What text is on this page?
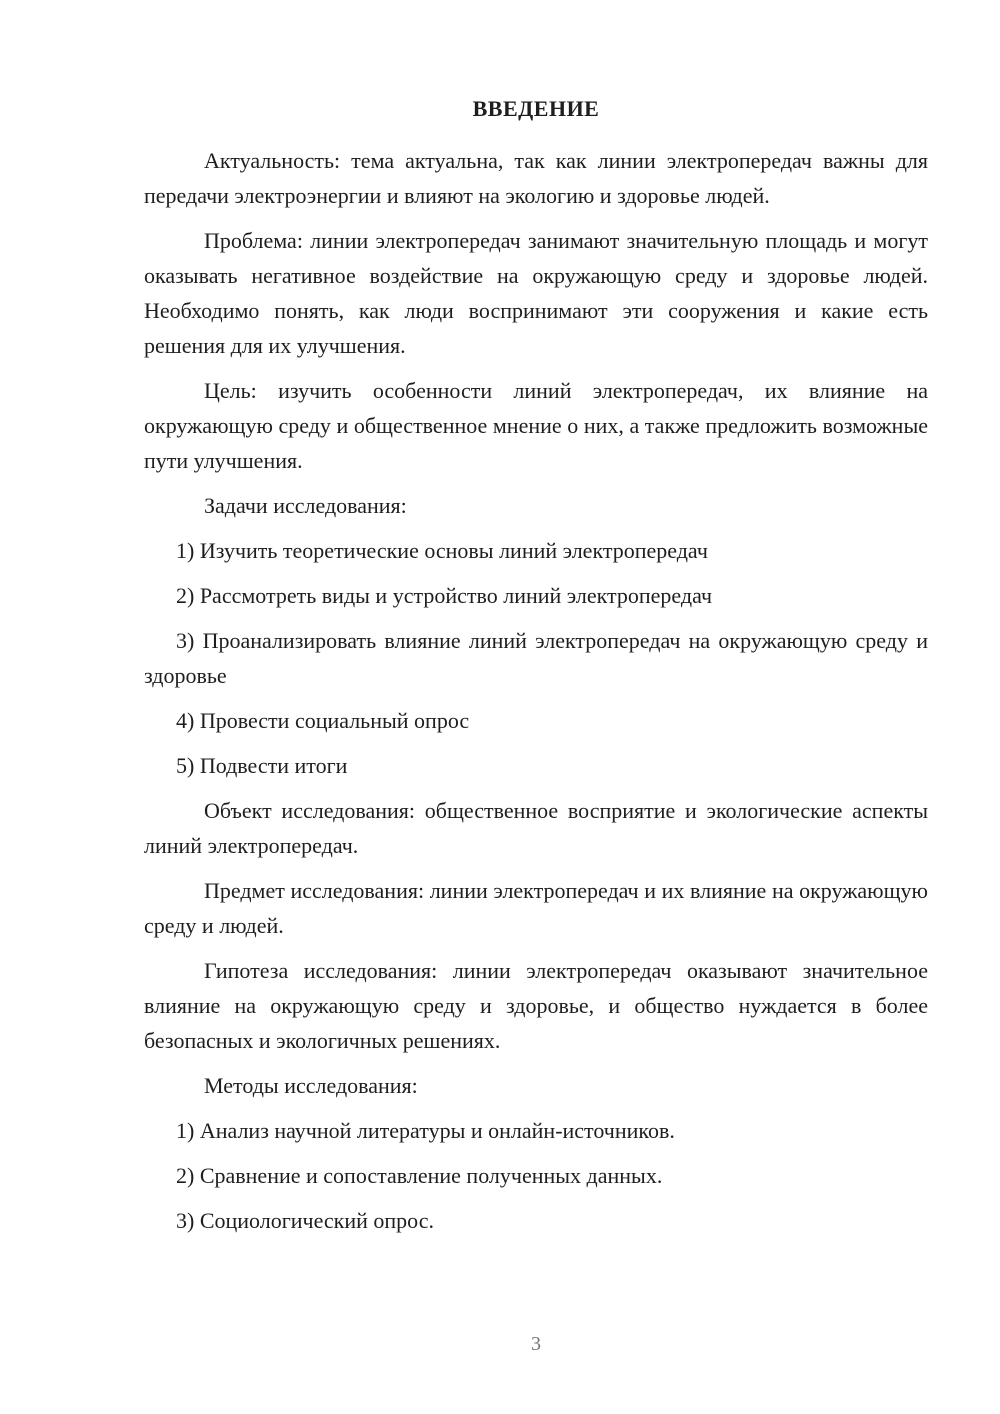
ВВЕДЕНИЕ

Актуальность: тема актуальна, так как линии электропередач важны для передачи электроэнергии и влияют на экологию и здоровье людей.

Проблема: линии электропередач занимают значительную площадь и могут оказывать негативное воздействие на окружающую среду и здоровье людей. Необходимо понять, как люди воспринимают эти сооружения и какие есть решения для их улучшения.

Цель: изучить особенности линий электропередач, их влияние на окружающую среду и общественное мнение о них, а также предложить возможные пути улучшения.

Задачи исследования:

1) Изучить теоретические основы линий электропередач

2) Рассмотреть виды и устройство линий электропередач

3) Проанализировать влияние линий электропередач на окружающую среду и здоровье

4) Провести социальный опрос

5) Подвести итоги

Объект исследования: общественное восприятие и экологические аспекты линий электропередач.

Предмет исследования: линии электропередач и их влияние на окружающую среду и людей.

Гипотеза исследования: линии электропередач оказывают значительное влияние на окружающую среду и здоровье, и общество нуждается в более безопасных и экологичных решениях.

Методы исследования:

1) Анализ научной литературы и онлайн-источников.

2) Сравнение и сопоставление полученных данных.

3) Социологический опрос.

3
